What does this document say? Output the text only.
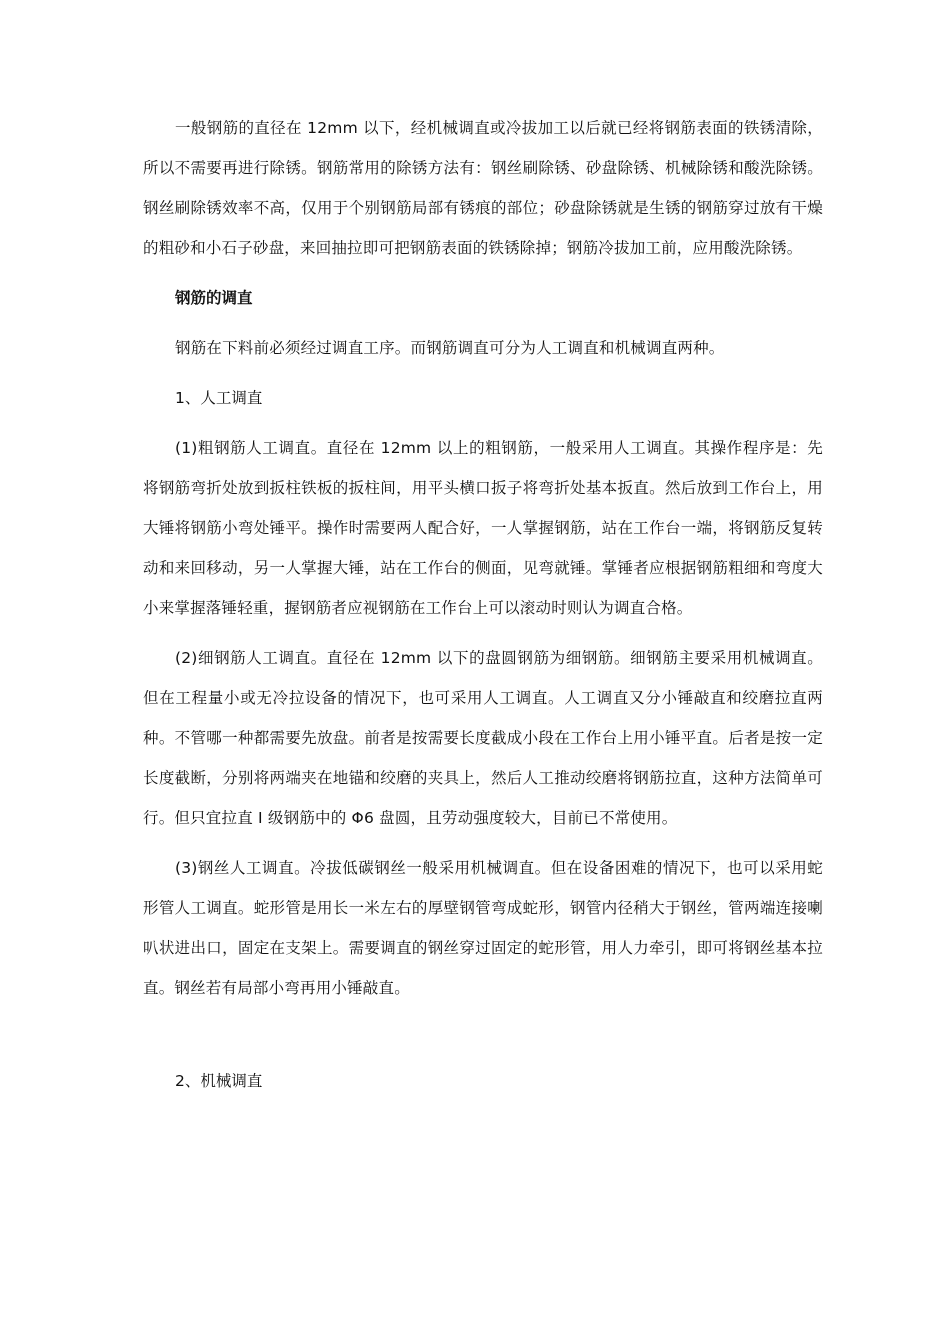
一般钢筋的直径在 12mm 以下，经机械调直或冷拔加工以后就已经将钢筋表面的铁锈清除，所以不需要再进行除锈。钢筋常用的除锈方法有：钢丝刷除锈、砂盘除锈、机械除锈和酸洗除锈。钢丝刷除锈效率不高，仅用于个别钢筋局部有锈痕的部位；砂盘除锈就是生锈的钢筋穿过放有干燥的粗砂和小石子砂盘，来回抽拉即可把钢筋表面的铁锈除掉；钢筋冷拔加工前，应用酸洗除锈。

钢筋的调直

钢筋在下料前必须经过调直工序。而钢筋调直可分为人工调直和机械调直两种。

1、人工调直

(1)粗钢筋人工调直。直径在 12mm 以上的粗钢筋，一般采用人工调直。其操作程序是：先将钢筋弯折处放到扳柱铁板的扳柱间，用平头横口扳子将弯折处基本扳直。然后放到工作台上，用大锤将钢筋小弯处锤平。操作时需要两人配合好，一人掌握钢筋，站在工作台一端，将钢筋反复转动和来回移动，另一人掌握大锤，站在工作台的侧面，见弯就锤。掌锤者应根据钢筋粗细和弯度大小来掌握落锤轻重，握钢筋者应视钢筋在工作台上可以滚动时则认为调直合格。

(2)细钢筋人工调直。直径在 12mm 以下的盘圆钢筋为细钢筋。细钢筋主要采用机械调直。但在工程量小或无冷拉设备的情况下，也可采用人工调直。人工调直又分小锤敲直和绞磨拉直两种。不管哪一种都需要先放盘。前者是按需要长度截成小段在工作台上用小锤平直。后者是按一定长度截断，分别将两端夹在地锚和绞磨的夹具上，然后人工推动绞磨将钢筋拉直，这种方法简单可行。但只宜拉直 I 级钢筋中的 Φ6 盘圆，且劳动强度较大，目前已不常使用。

(3)钢丝人工调直。冷拔低碳钢丝一般采用机械调直。但在设备困难的情况下，也可以采用蛇形管人工调直。蛇形管是用长一米左右的厚壁钢管弯成蛇形，钢管内径稍大于钢丝，管两端连接喇叭状进出口，固定在支架上。需要调直的钢丝穿过固定的蛇形管，用人力牵引，即可将钢丝基本拉直。钢丝若有局部小弯再用小锤敲直。

2、机械调直
